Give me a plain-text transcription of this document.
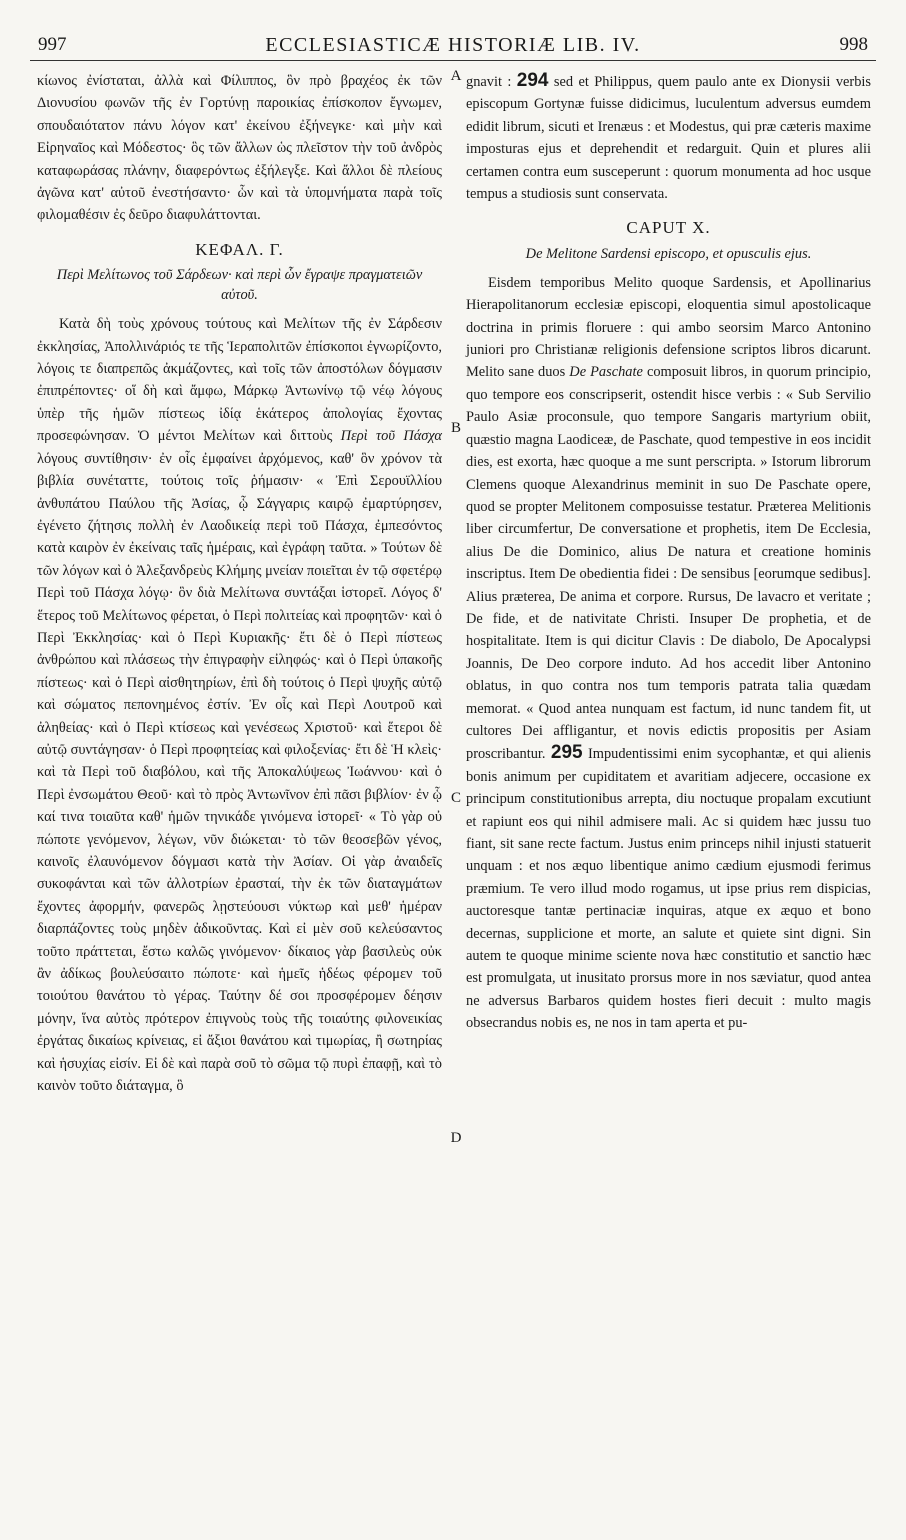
997	ECCLESIASTICÆ HISTORIÆ LIB. IV.	998
A
B
C
D

κίωνος ἐνίσταται, ἀλλὰ καὶ Φίλιππος, ὃν πρὸ βραχέος ἐκ τῶν Διονυσίου φωνῶν τῆς ἐν Γορτύνῃ παροικίας ἐπίσκοπον ἔγνωμεν, σπουδαιότατον πάνυ λόγον κατ' ἐκείνου ἐξήνεγκε· καὶ μὴν καὶ Εἰρηναῖος καὶ Μόδεστος· ὃς τῶν ἄλλων ὡς πλεῖστον τὴν τοῦ ἀνδρὸς καταφωράσας πλάνην, διαφερόντως ἐξήλεγξε. Καὶ ἄλλοι δὲ πλείους ἀγῶνα κατ' αὐτοῦ ἐνεστήσαντο· ὧν καὶ τὰ ὑπομνήματα παρὰ τοῖς φιλομαθέσιν ἐς δεῦρο διαφυλάττονται.

ΚΕΦΑΛ. Γ.
Περὶ Μελίτωνος τοῦ Σάρδεων· καὶ περὶ ὧν ἔγραψε πραγματειῶν αὐτοῦ.

Κατὰ δὴ τοὺς χρόνους τούτους καὶ Μελίτων τῆς ἐν Σάρδεσιν ἐκκλησίας, Ἀπολλινάριός τε τῆς Ἱεραπολιτῶν ἐπίσκοποι ἐγνωρίζοντο, λόγοις τε διαπρεπῶς ἀκμάζοντες, καὶ τοῖς τῶν ἀποστόλων δόγμασιν ἐπιπρέποντες· οἵ δὴ καὶ ἄμφω, Μάρκῳ Ἀντωνίνῳ τῷ νέῳ λόγους ὑπὲρ τῆς ἡμῶν πίστεως ἰδίᾳ ἑκάτερος ἀπολογίας ἔχοντας προσεφώνησαν. Ὁ μέντοι Μελίτων καὶ διττοὺς Περὶ τοῦ Πάσχα λόγους συντίθησιν· ἐν οἷς ἐμφαίνει ἀρχόμενος, καθ' ὃν χρόνον τὰ βιβλία συνέταττε, τούτοις τοῖς ῥήμασιν· « Ἐπὶ Σερουϊλλίου ἀνθυπάτου Παύλου τῆς Ἀσίας, ᾧ Σάγγαρις καιρῷ ἐμαρτύρησεν, ἐγένετο ζήτησις πολλὴ ἐν Λαοδικείᾳ περὶ τοῦ Πάσχα, ἐμπεσόντος κατὰ καιρὸν ἐν ἐκείναις ταῖς ἡμέραις, καὶ ἐγράφη ταῦτα. » Τούτων δὲ τῶν λόγων καὶ ὁ Ἀλεξανδρεὺς Κλήμης μνείαν ποιεῖται ἐν τῷ σφετέρῳ Περὶ τοῦ Πάσχα λόγῳ· ὃν διὰ Μελίτωνα συντάξαι ἱστορεῖ. Λόγος δ' ἕτερος τοῦ Μελίτωνος φέρεται, ὁ Περὶ πολιτείας καὶ προφητῶν· καὶ ὁ Περὶ Ἐκκλησίας· καὶ ὁ Περὶ Κυριακῆς· ἔτι δὲ ὁ Περὶ πίστεως ἀνθρώπου καὶ πλάσεως τὴν ἐπιγραφὴν εἰληφώς· καὶ ὁ Περὶ ὑπακοῆς πίστεως· καὶ ὁ Περὶ αἰσθητηρίων, ἐπὶ δὴ τούτοις ὁ Περὶ ψυχῆς αὐτῷ καὶ σώματος πεπονημένος ἐστίν. Ἐν οἷς καὶ Περὶ Λουτροῦ καὶ ἀληθείας· καὶ ὁ Περὶ κτίσεως καὶ γενέσεως Χριστοῦ· καὶ ἕτεροι δὲ αὐτῷ συντάγησαν· ὁ Περὶ προφητείας καὶ φιλοξενίας· ἔτι δὲ Ἡ κλεὶς· καὶ τὰ Περὶ τοῦ διαβόλου, καὶ τῆς Ἀποκαλύψεως Ἰωάννου· καὶ ὁ Περὶ ἐνσωμάτου Θεοῦ· καὶ τὸ πρὸς Ἀντωνῖνον ἐπὶ πᾶσι βιβλίον· ἐν ᾧ καί τινα τοιαῦτα καθ' ἡμῶν τηνικάδε γινόμενα ἱστορεῖ· « Τὸ γὰρ οὐ πώποτε γενόμενον, λέγων, νῦν διώκεται· τὸ τῶν θεοσεβῶν γένος, καινοῖς ἐλαυνόμενον δόγμασι κατὰ τὴν Ἀσίαν. Οἱ γὰρ ἀναιδεῖς συκοφάνται καὶ τῶν ἀλλοτρίων ἐρασταί, τὴν ἐκ τῶν διαταγμάτων ἔχοντες ἀφορμήν, φανερῶς λῃστεύουσι νύκτωρ καὶ μεθ' ἡμέραν διαρπάζοντες τοὺς μηδὲν ἀδικοῦντας. Καὶ εἰ μὲν σοῦ κελεύσαντος τοῦτο πράττεται, ἔστω καλῶς γινόμενον· δίκαιος γὰρ βασιλεὺς οὐκ ἂν ἀδίκως βουλεύσαιτο πώποτε· καὶ ἡμεῖς ἡδέως φέρομεν τοῦ τοιούτου θανάτου τὸ γέρας. Ταύτην δέ σοι προσφέρομεν δέησιν μόνην, ἵνα αὐτὸς πρότερον ἐπιγνοὺς τοὺς τῆς τοιαύτης φιλονεικίας ἐργάτας δικαίως κρίνειας, εἰ ἄξιοι θανάτου καὶ τιμωρίας, ἢ σωτηρίας καὶ ἡσυχίας εἰσίν. Εἰ δὲ καὶ παρὰ σοῦ τὸ σῶμα τῷ πυρὶ ἐπαφῇ, καὶ τὸ καινὸν τοῦτο διάταγμα, ὃ

gnavit : 294 sed et Philippus, quem paulo ante ex Dionysii verbis episcopum Gortynæ fuisse didicimus, luculentum adversus eumdem edidit librum, sicuti et Irenæus : et Modestus, qui præ cæteris maxime imposturas ejus et deprehendit et redarguit. Quin et plures alii certamen contra eum susceperunt : quorum monumenta ad hoc usque tempus a studiosis sunt conservata.

CAPUT X.
De Melitone Sardensi episcopo, et opusculis ejus.

Eisdem temporibus Melito quoque Sardensis, et Apollinarius Hierapolitanorum ecclesiæ episcopi, eloquentia simul apostolicaque doctrina in primis floruere : qui ambo seorsim Marco Antonino juniori pro Christianæ religionis defensione scriptos libros dicarunt. Melito sane duos De Paschate composuit libros, in quorum principio, quo tempore eos conscripserit, ostendit hisce verbis : « Sub Servilio Paulo Asiæ proconsule, quo tempore Sangaris martyrium obiit, quæstio magna Laodiceæ, de Paschate, quod tempestive in eos incidit dies, est exorta, hæc quoque a me sunt perscripta. » Istorum librorum Clemens quoque Alexandrinus meminit in suo De Paschate opere, quod se propter Melitonem composuisse testatur. Præterea Melitionis liber circumfertur, De conversatione et prophetis, item De Ecclesia, alius De die Dominico, alius De natura et creatione hominis inscriptus. Item De obedientia fidei : De sensibus [eorumque sedibus]. Alius præterea, De anima et corpore. Rursus, De lavacro et veritate ; De fide, et de nativitate Christi. Insuper De prophetia, et de hospitalitate. Item is qui dicitur Clavis : De diabolo, De Apocalypsi Joannis, De Deo corpore indutо. Ad hos accedit liber Antonino oblatus, in quo contra nos tum temporis patrata talia quædam memorat. « Quod antea nunquam est factum, id nunc tandem fit, ut cultores Dei affligantur, et novis edictis propositis per Asiam proscribantur. 295 Impudentissimi enim sycophantæ, et qui alienis bonis animum per cupiditatem et avaritiam adjecere, occasione ex principum constitutionibus arrepta, diu noctuque propalam excutiunt et rapiunt eos qui nihil admisere mali. Ac si quidem hæc jussu tuo fiant, sit sane recte factum. Justus enim princeps nihil injusti statuerit unquam : et nos æquo libentique animo cædium ejusmodi ferimus præmium. Te vero illud modo rogamus, ut ipse prius rem dispicias, auctoresque tantæ pertinaciæ inquiras, atque ex æquo et bono decernas, supplicione et morte, an salute et quiete sint digni. Sin autem te quoque minime sciente nova hæc constitutio et sanctio hæc est promulgata, ut inusitato prorsus more in nos sæviatur, quod antea ne adversus Barbaros quidem hostes fieri decuit : multo magis obsecrandus nobis es, ne nos in tam aperta et pu-
